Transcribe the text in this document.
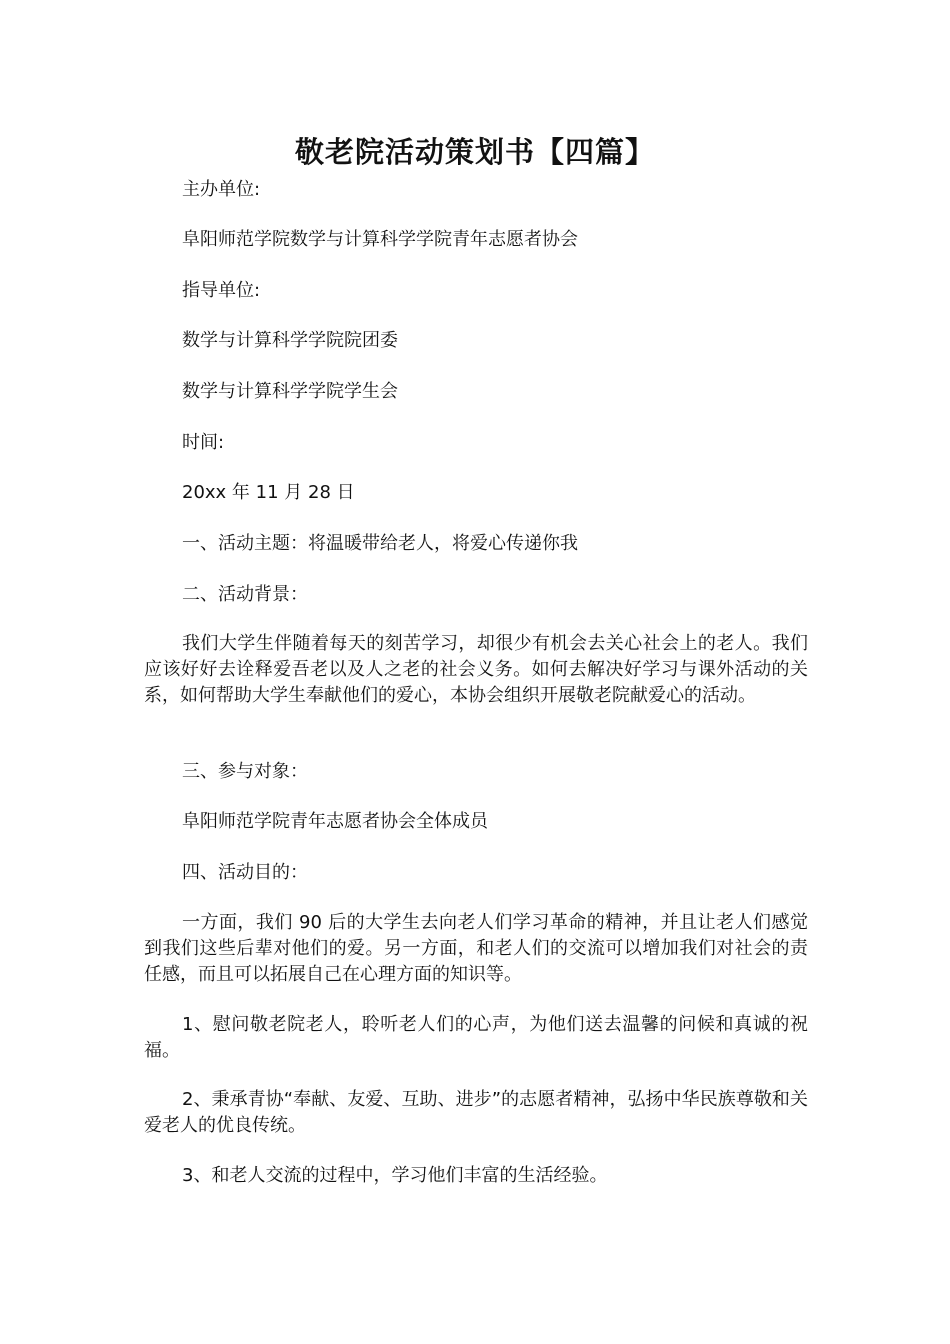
敬老院活动策划书【四篇】
主办单位:
阜阳师范学院数学与计算科学学院青年志愿者协会
指导单位:
数学与计算科学学院院团委
数学与计算科学学院学生会
时间:
20xx 年 11 月 28 日
一、活动主题：将温暖带给老人，将爱心传递你我
二、活动背景：
我们大学生伴随着每天的刻苦学习，却很少有机会去关心社会上的老人。我们应该好好去诠释爱吾老以及人之老的社会义务。如何去解决好学习与课外活动的关系，如何帮助大学生奉献他们的爱心，本协会组织开展敬老院献爱心的活动。
三、参与对象：
阜阳师范学院青年志愿者协会全体成员
四、活动目的：
一方面，我们 90 后的大学生去向老人们学习革命的精神，并且让老人们感觉到我们这些后辈对他们的爱。另一方面，和老人们的交流可以增加我们对社会的责任感，而且可以拓展自己在心理方面的知识等。
1、慰问敬老院老人，聆听老人们的心声，为他们送去温馨的问候和真诚的祝福。
2、秉承青协“奉献、友爱、互助、进步”的志愿者精神，弘扬中华民族尊敬和关爱老人的优良传统。
3、和老人交流的过程中，学习他们丰富的生活经验。
